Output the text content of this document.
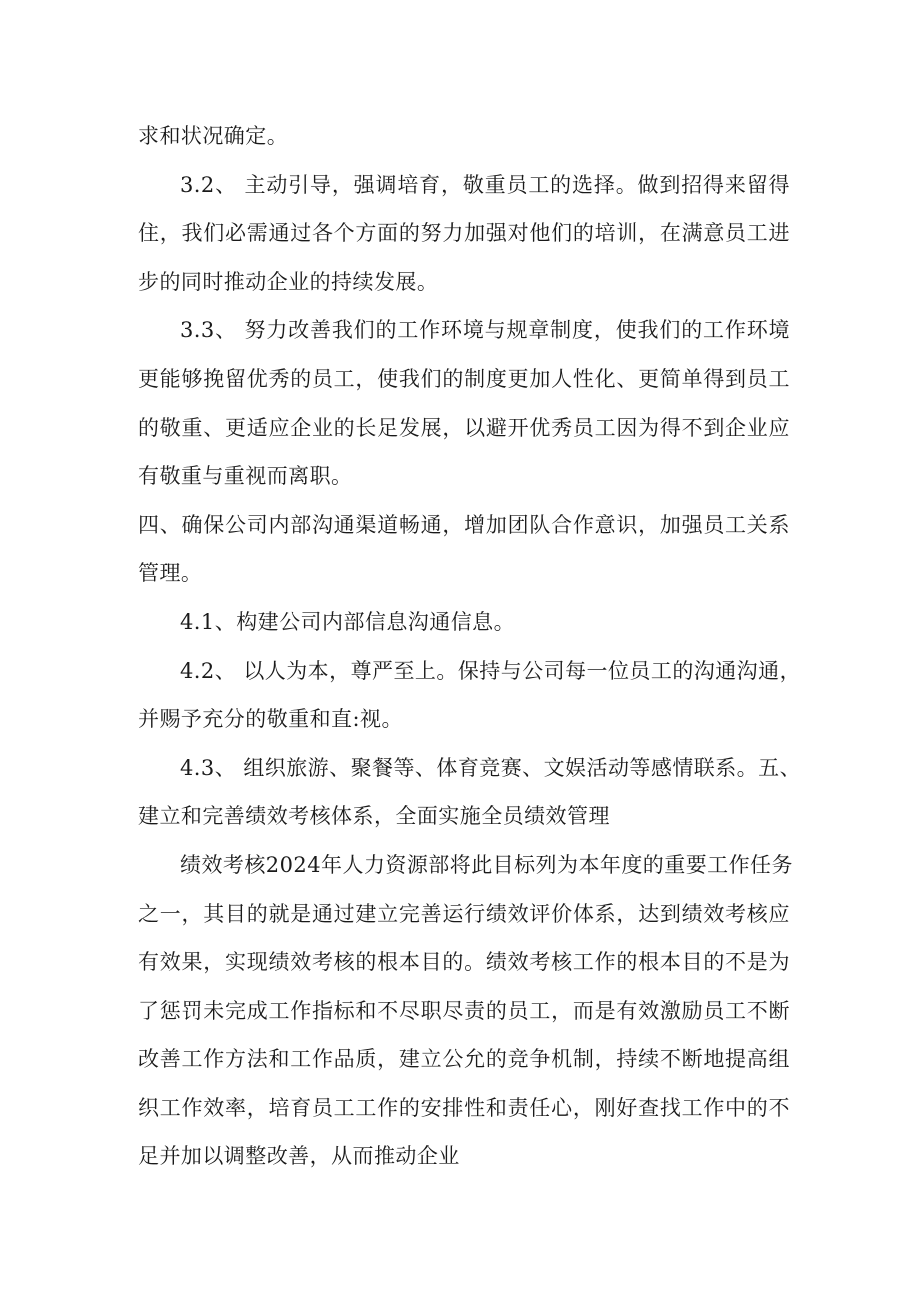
求和状况确定。
3.2、 主动引导，强调培育，敬重员工的选择。做到招得来留得
住，我们必需通过各个方面的努力加强对他们的培训，在满意员工进
步的同时推动企业的持续发展。
3.3、 努力改善我们的工作环境与规章制度，使我们的工作环境
更能够挽留优秀的员工，使我们的制度更加人性化、更简单得到员工
的敬重、更适应企业的长足发展，以避开优秀员工因为得不到企业应
有敬重与重视而离职。
四、确保公司内部沟通渠道畅通，增加团队合作意识，加强员工关系
管理。
4.1、构建公司内部信息沟通信息。
4.2、 以人为本，尊严至上。保持与公司每一位员工的沟通沟通，
并赐予充分的敬重和直:视。
4.3、 组织旅游、聚餐等、体育竞赛、文娱活动等感情联系。五、
建立和完善绩效考核体系，全面实施全员绩效管理
绩效考核2024年人力资源部将此目标列为本年度的重要工作任务
之一，其目的就是通过建立完善运行绩效评价体系，达到绩效考核应
有效果，实现绩效考核的根本目的。绩效考核工作的根本目的不是为
了惩罚未完成工作指标和不尽职尽责的员工，而是有效激励员工不断
改善工作方法和工作品质，建立公允的竞争机制，持续不断地提高组
织工作效率，培育员工工作的安排性和责任心，刚好查找工作中的不
足并加以调整改善，从而推动企业
